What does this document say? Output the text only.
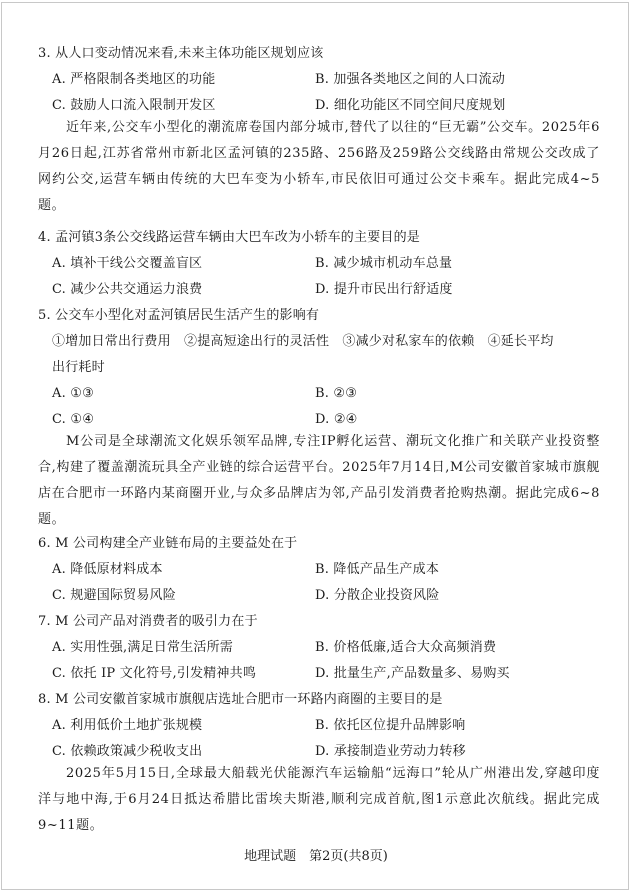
3. 从人口变动情况来看,未来主体功能区规划应该
A. 严格限制各类地区的功能	B. 加强各类地区之间的人口流动
C. 鼓励人口流入限制开发区	D. 细化功能区不同空间尺度规划
近年来,公交车小型化的潮流席卷国内部分城市,替代了以往的“巨无霸”公交车。2025年6月26日起,江苏省常州市新北区孟河镇的235路、256路及259路公交线路由常规公交改成了网约公交,运营车辆由传统的大巴车变为小轿车,市民依旧可通过公交卡乘车。据此完成4~5题。
4. 孟河镇3条公交线路运营车辆由大巴车改为小轿车的主要目的是
A. 填补干线公交覆盖盲区	B. 减少城市机动车总量
C. 减少公共交通运力浪费	D. 提升市民出行舒适度
5. 公交车小型化对孟河镇居民生活产生的影响有
①增加日常出行费用　②提高短途出行的灵活性　③减少对私家车的依赖　④延长平均
出行耗时
A. ①③	B. ②③
C. ①④	D. ②④
M公司是全球潮流文化娱乐领军品牌,专注IP孵化运营、潮玩文化推广和关联产业投资整合,构建了覆盖潮流玩具全产业链的综合运营平台。2025年7月14日,M公司安徽首家城市旗舰店在合肥市一环路内某商圈开业,与众多品牌店为邻,产品引发消费者抢购热潮。据此完成6~8题。
6. M 公司构建全产业链布局的主要益处在于
A. 降低原材料成本	B. 降低产品生产成本
C. 规避国际贸易风险	D. 分散企业投资风险
7. M 公司产品对消费者的吸引力在于
A. 实用性强,满足日常生活所需	B. 价格低廉,适合大众高频消费
C. 依托 IP 文化符号,引发精神共鸣	D. 批量生产,产品数量多、易购买
8. M 公司安徽首家城市旗舰店选址合肥市一环路内商圈的主要目的是
A. 利用低价土地扩张规模	B. 依托区位提升品牌影响
C. 依赖政策减少税收支出	D. 承接制造业劳动力转移
2025年5月15日,全球最大船载光伏能源汽车运输船“远海口”轮从广州港出发,穿越印度洋与地中海,于6月24日抵达希腊比雷埃夫斯港,顺利完成首航,图1示意此次航线。据此完成9~11题。
地理试题　第2页(共8页)
